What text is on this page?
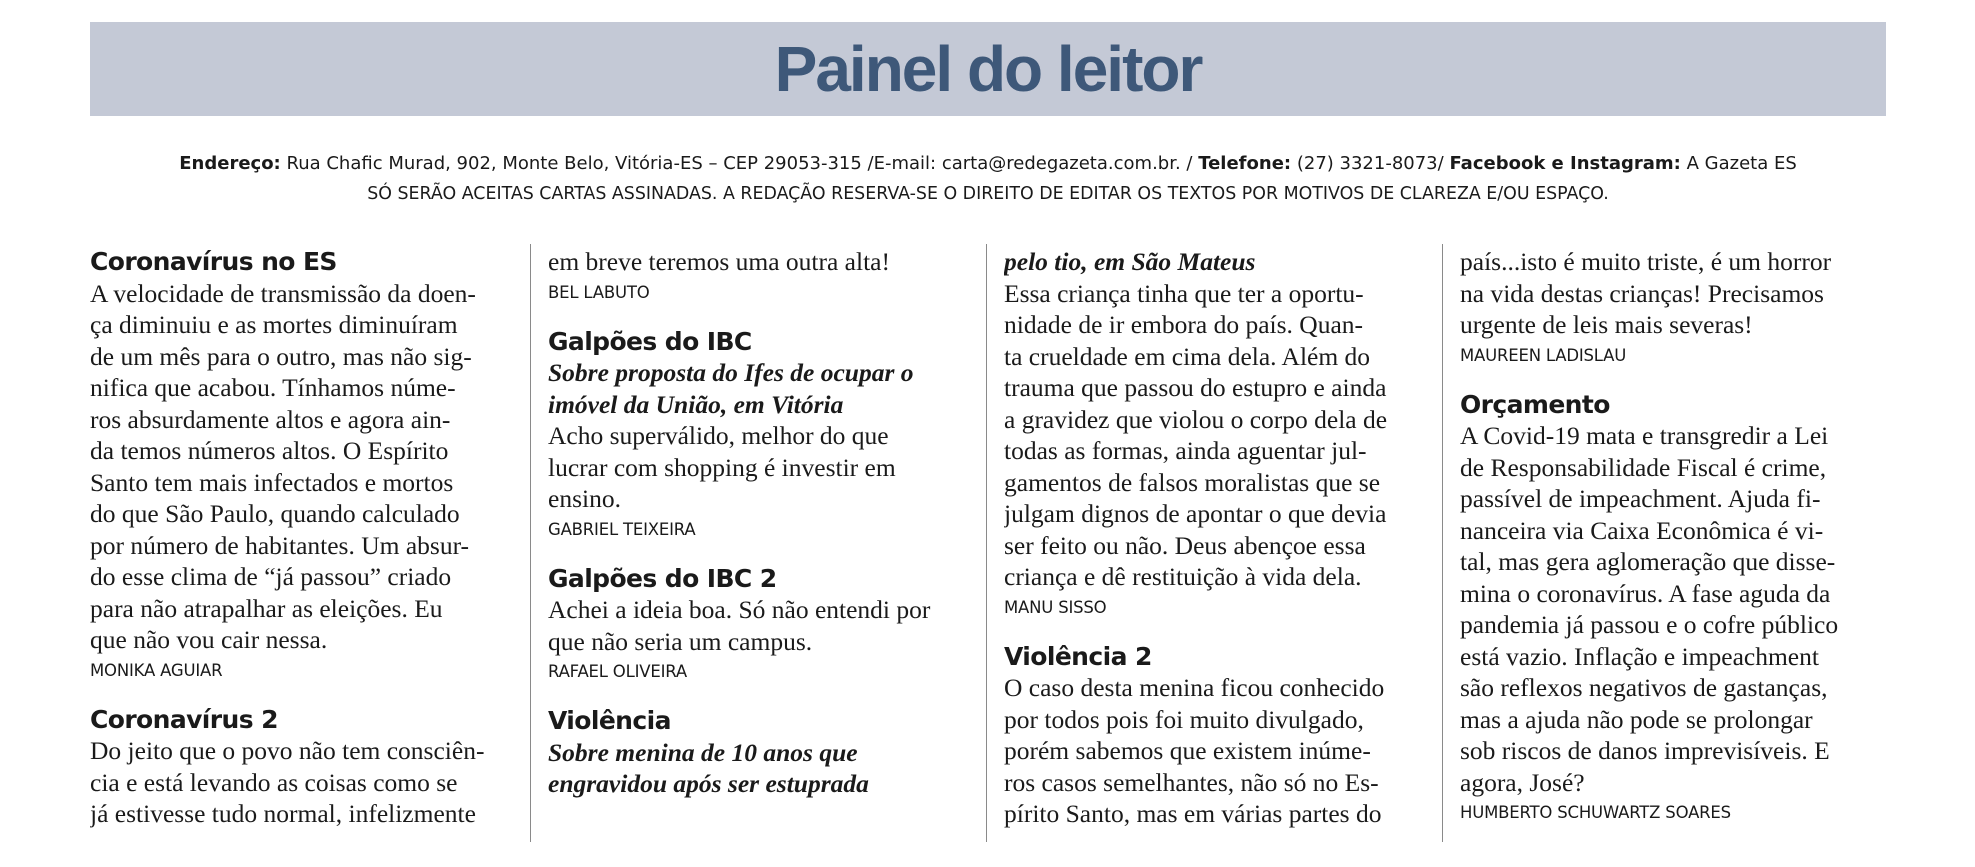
Painel do leitor
Endereço: Rua Chafic Murad, 902, Monte Belo, Vitória-ES – CEP 29053-315 /E-mail: carta@redegazeta.com.br. / Telefone: (27) 3321-8073/ Facebook e Instagram: A Gazeta ES
SÓ SERÃO ACEITAS CARTAS ASSINADAS. A REDAÇÃO RESERVA-SE O DIREITO DE EDITAR OS TEXTOS POR MOTIVOS DE CLAREZA E/OU ESPAÇO.
Coronavírus no ES
A velocidade de transmissão da doen-
ça diminuiu e as mortes diminuíram
de um mês para o outro, mas não sig-
nifica que acabou. Tínhamos núme-
ros absurdamente altos e agora ain-
da temos números altos. O Espírito
Santo tem mais infectados e mortos
do que São Paulo, quando calculado
por número de habitantes. Um absur-
do esse clima de “já passou” criado
para não atrapalhar as eleições. Eu
que não vou cair nessa.
MONIKA AGUIAR
Coronavírus 2
Do jeito que o povo não tem consciên-
cia e está levando as coisas como se
já estivesse tudo normal, infelizmente
em breve teremos uma outra alta!
BEL LABUTO
Galpões do IBC
Sobre proposta do Ifes de ocupar o
imóvel da União, em Vitória
Acho superválido, melhor do que
lucrar com shopping é investir em
ensino.
GABRIEL TEIXEIRA
Galpões do IBC 2
Achei a ideia boa. Só não entendi por
que não seria um campus.
RAFAEL OLIVEIRA
Violência
Sobre menina de 10 anos que
engravidou após ser estuprada
pelo tio, em São Mateus
Essa criança tinha que ter a oportu-
nidade de ir embora do país. Quan-
ta crueldade em cima dela. Além do
trauma que passou do estupro e ainda
a gravidez que violou o corpo dela de
todas as formas, ainda aguentar jul-
gamentos de falsos moralistas que se
julgam dignos de apontar o que devia
ser feito ou não. Deus abençoe essa
criança e dê restituição à vida dela.
MANU SISSO
Violência 2
O caso desta menina ficou conhecido
por todos pois foi muito divulgado,
porém sabemos que existem inúme-
ros casos semelhantes, não só no Es-
pírito Santo, mas em várias partes do
país...isto é muito triste, é um horror
na vida destas crianças! Precisamos
urgente de leis mais severas!
MAUREEN LADISLAU
Orçamento
A Covid-19 mata e transgredir a Lei
de Responsabilidade Fiscal é crime,
passível de impeachment. Ajuda fi-
nanceira via Caixa Econômica é vi-
tal, mas gera aglomeração que disse-
mina o coronavírus. A fase aguda da
pandemia já passou e o cofre público
está vazio. Inflação e impeachment
são reflexos negativos de gastanças,
mas a ajuda não pode se prolongar
sob riscos de danos imprevisíveis. E
agora, José?
HUMBERTO SCHUWARTZ SOARES
